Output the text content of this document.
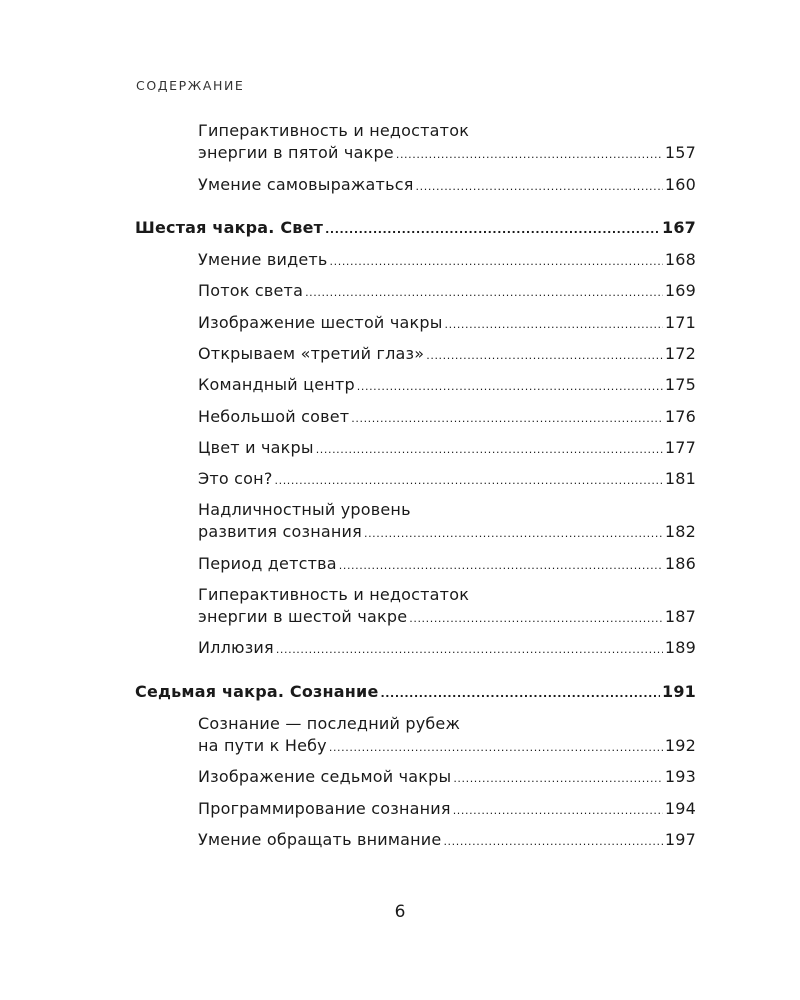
СОДЕРЖАНИЕ
Гиперактивность и недостаток
энергии в пятой чакре .....	157
Умение самовыражаться .....	160
Шестая чакра. Свет .....	167
Умение видеть .....	168
Поток света .....	169
Изображение шестой чакры .....	171
Открываем «третий глаз» .....	172
Командный центр .....	175
Небольшой совет .....	176
Цвет и чакры .....	177
Это сон? .....	181
Надличностный уровень
развития сознания .....	182
Период детства .....	186
Гиперактивность и недостаток
энергии в шестой чакре .....	187
Иллюзия .....	189
Седьмая чакра. Сознание .....	191
Сознание — последний рубеж
на пути к Небу .....	192
Изображение седьмой чакры .....	193
Программирование сознания .....	194
Умение обращать внимание .....	197
6
